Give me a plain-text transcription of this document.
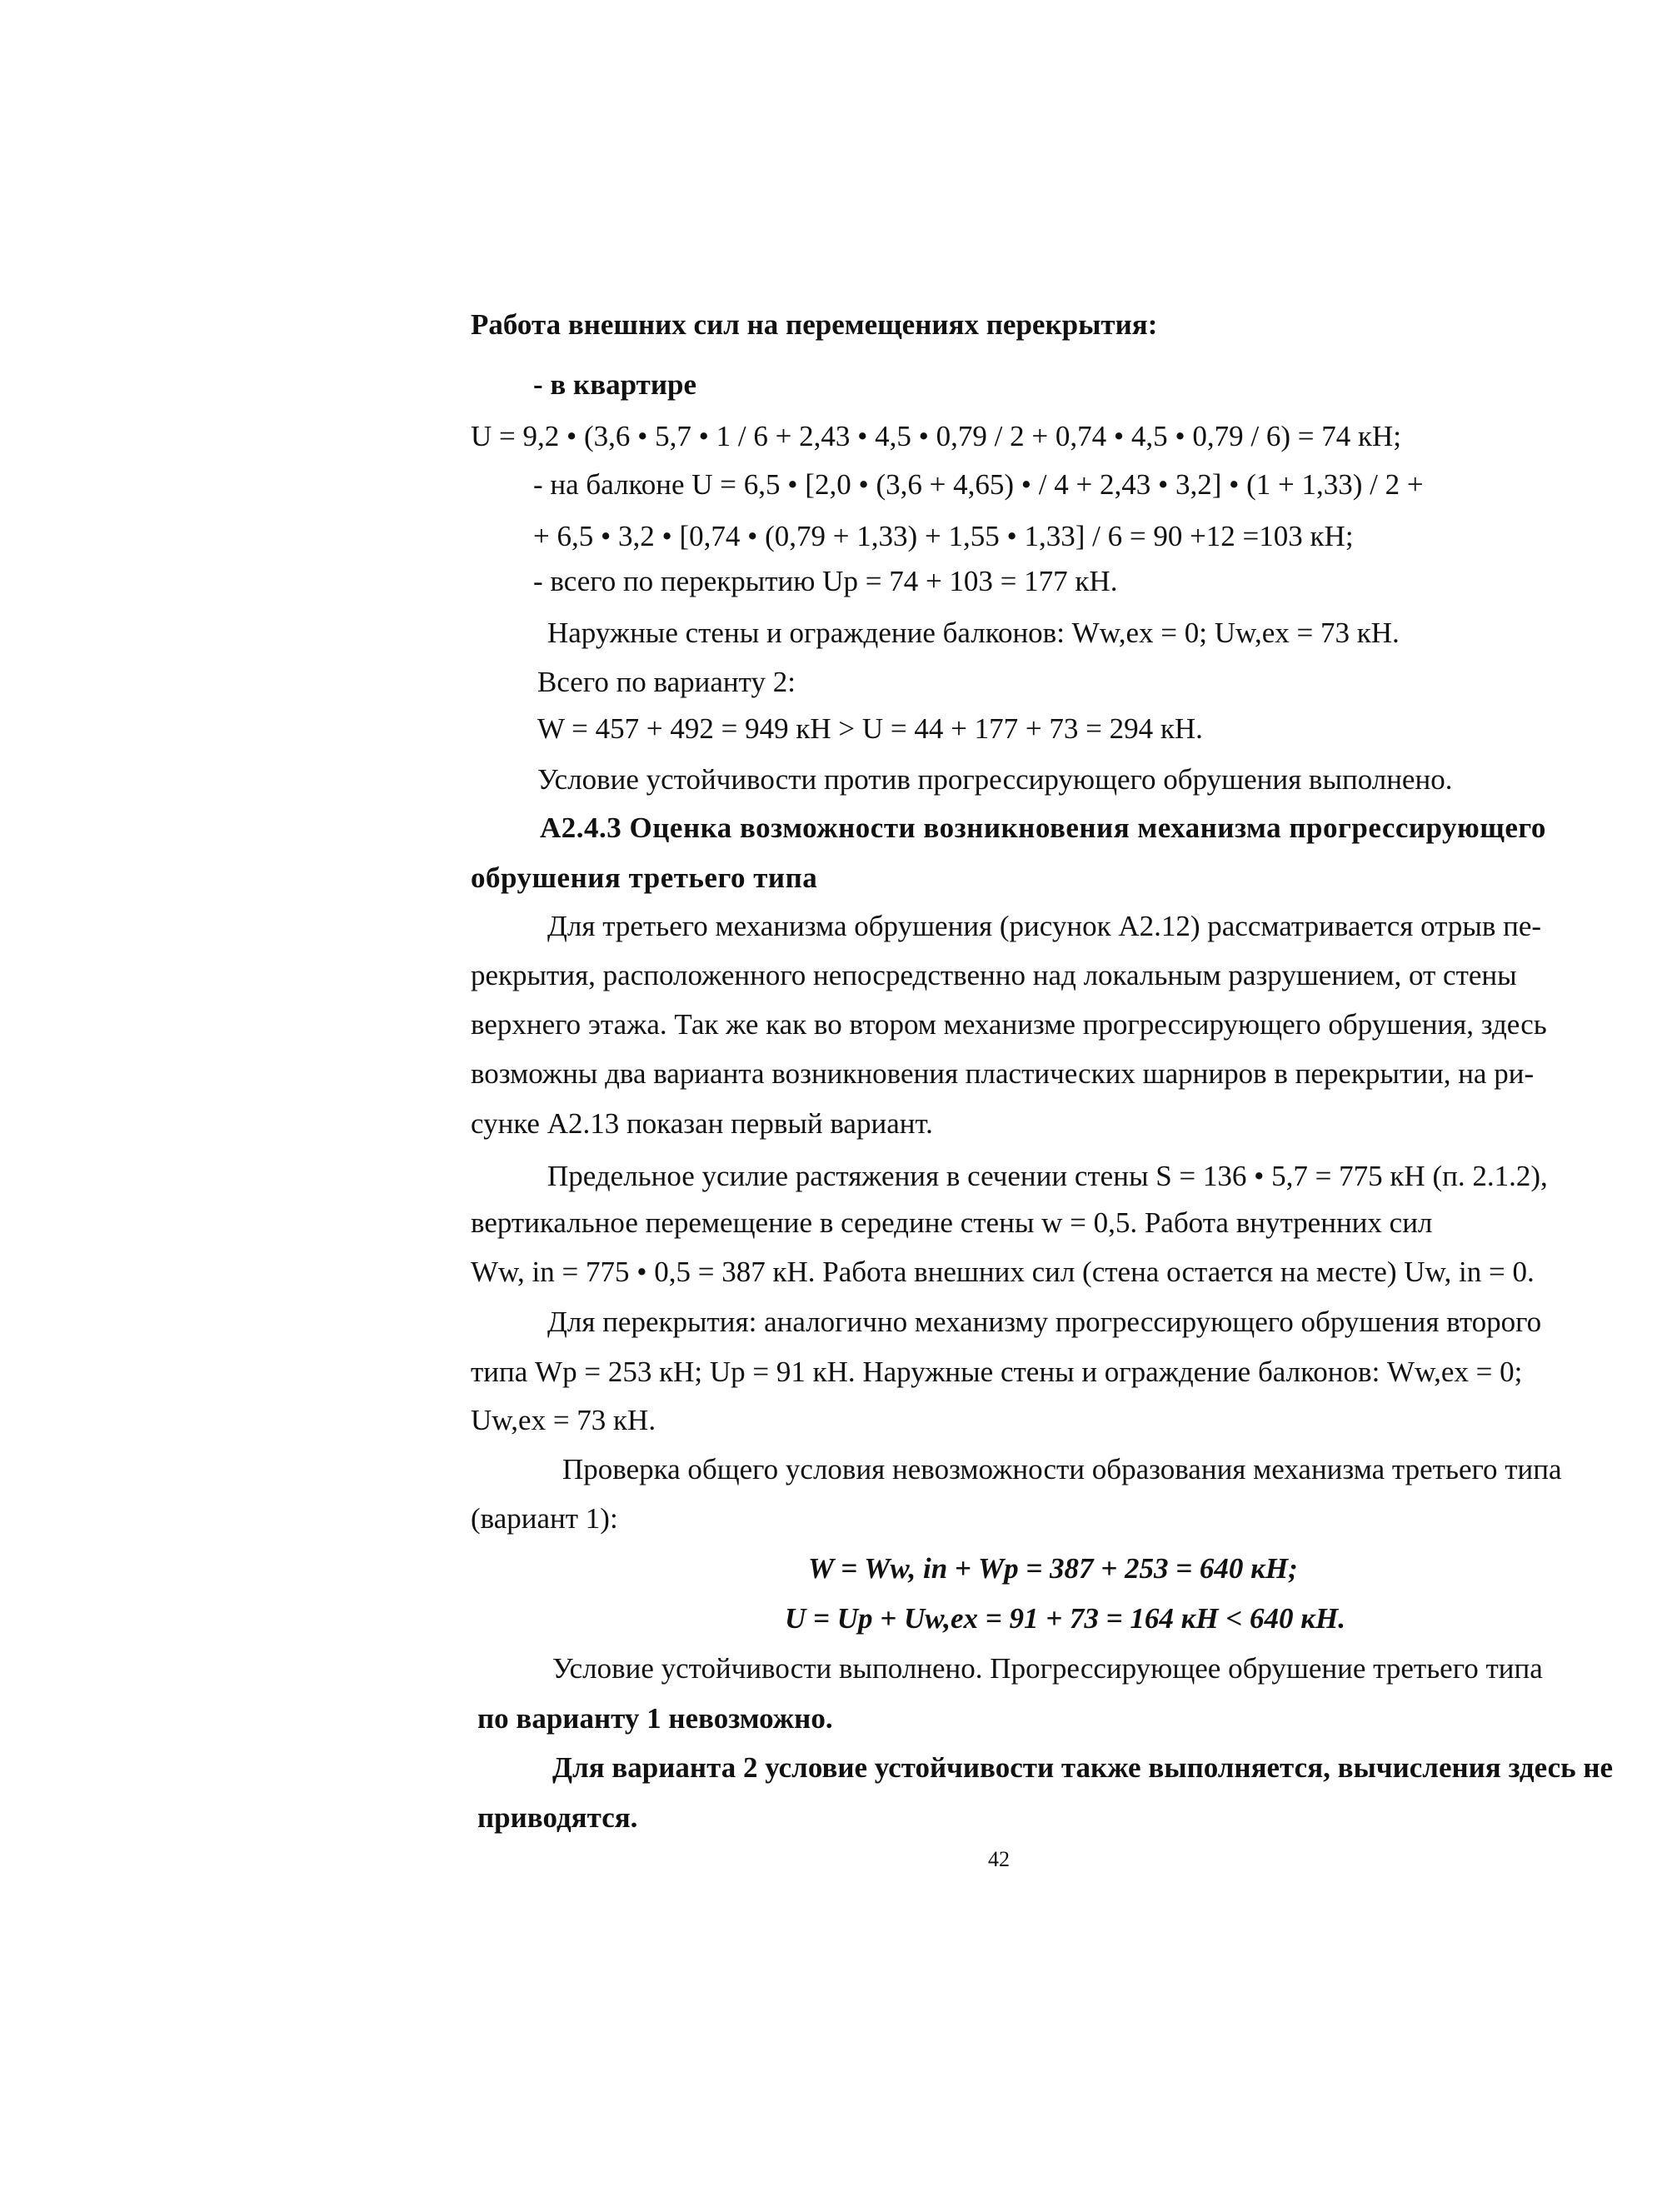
Работа внешних сил на перемещениях перекрытия:
- в квартире
U = 9,2 • (3,6 • 5,7 • 1 / 6 + 2,43 • 4,5 • 0,79 / 2 + 0,74 • 4,5 • 0,79 / 6) = 74 кН;
- на балконе U = 6,5 • [2,0 • (3,6 + 4,65) • / 4 + 2,43 • 3,2] • (1 + 1,33) / 2 +
+ 6,5 • 3,2 • [0,74 • (0,79 + 1,33) + 1,55 • 1,33] / 6 = 90 +12 =103 кН;
- всего по перекрытию Up = 74 + 103 = 177 кН.
Наружные стены и ограждение балконов: Ww,ex = 0; Uw,ex = 73 кН.
Всего по варианту 2:
W = 457 + 492 = 949 кН > U = 44 + 177 + 73 = 294 кН.
Условие устойчивости против прогрессирующего обрушения выполнено.
А2.4.3 Оценка возможности возникновения механизма прогрессирующего
обрушения третьего типа
Для третьего механизма обрушения (рисунок А2.12) рассматривается отрыв пе-
рекрытия, расположенного непосредственно над локальным разрушением, от стены
верхнего этажа. Так же как во втором механизме прогрессирующего обрушения, здесь
возможны два варианта возникновения пластических шарниров в перекрытии, на ри-
сунке А2.13 показан первый вариант.
Предельное усилие растяжения в сечении стены S = 136 • 5,7 = 775 кН (п. 2.1.2),
вертикальное перемещение в середине стены w = 0,5. Работа внутренних сил
Ww, in = 775 • 0,5 = 387 кН. Работа внешних сил (стена остается на месте) Uw, in = 0.
Для перекрытия: аналогично механизму прогрессирующего обрушения второго
типа Wp = 253 кН; Up = 91 кН. Наружные стены и ограждение балконов: Ww,ex = 0;
Uw,ex = 73 кН.
Проверка общего условия невозможности образования механизма третьего типа
(вариант 1):
W = Ww, in + Wp = 387 + 253 = 640 кН;
U = Up + Uw,ex = 91 + 73 = 164 кН < 640 кН.
Условие устойчивости выполнено. Прогрессирующее обрушение третьего типа
по варианту 1 невозможно.
Для варианта 2 условие устойчивости также выполняется, вычисления здесь не
приводятся.
42
